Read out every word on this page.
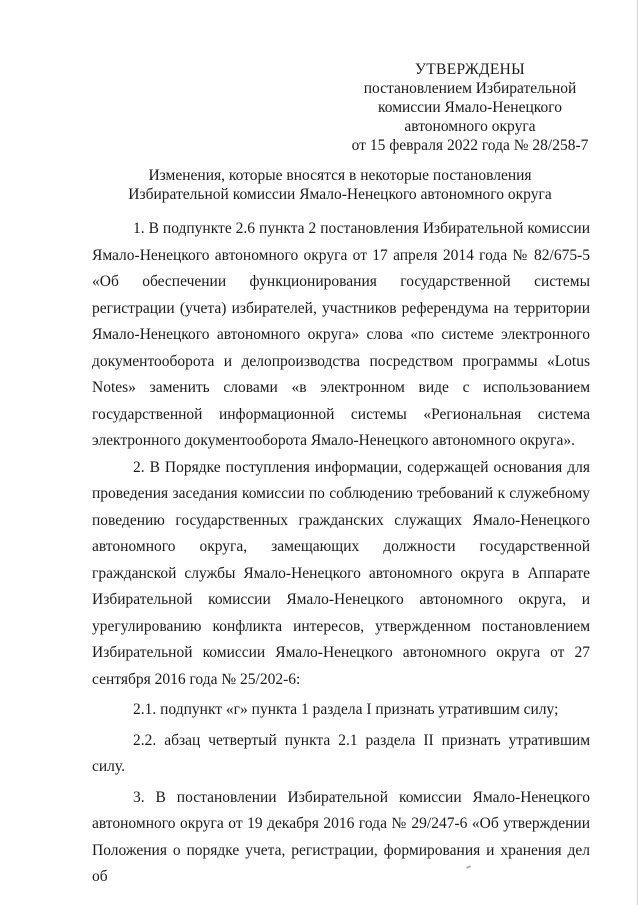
УТВЕРЖДЕНЫ
постановлением Избирательной
комиссии Ямало-Ненецкого
автономного округа
от 15 февраля 2022 года № 28/258-7
Изменения, которые вносятся в некоторые постановления
Избирательной комиссии Ямало-Ненецкого автономного округа

1. В подпункте 2.6 пункта 2 постановления Избирательной комиссии Ямало-Ненецкого автономного округа от 17 апреля 2014 года № 82/675-5 «Об обеспечении функционирования государственной системы регистрации (учета) избирателей, участников референдума на территории Ямало-Ненецкого автономного округа» слова «по системе электронного документооборота и делопроизводства посредством программы «Lotus Notes» заменить словами «в электронном виде с использованием государственной информационной системы «Региональная система электронного документооборота Ямало-Ненецкого автономного округа».

2. В Порядке поступления информации, содержащей основания для проведения заседания комиссии по соблюдению требований к служебному поведению государственных гражданских служащих Ямало-Ненецкого автономного округа, замещающих должности государственной гражданской службы Ямало-Ненецкого автономного округа в Аппарате Избирательной комиссии Ямало-Ненецкого автономного округа, и урегулированию конфликта интересов, утвержденном постановлением Избирательной комиссии Ямало-Ненецкого автономного округа от 27 сентября 2016 года № 25/202-6:

2.1. подпункт «г» пункта 1 раздела I признать утратившим силу;

2.2. абзац четвертый пункта 2.1 раздела II признать утратившим силу.

3. В постановлении Избирательной комиссии Ямало-Ненецкого автономного округа от 19 декабря 2016 года № 29/247-6 «Об утверждении Положения о порядке учета, регистрации, формирования и хранения дел об
